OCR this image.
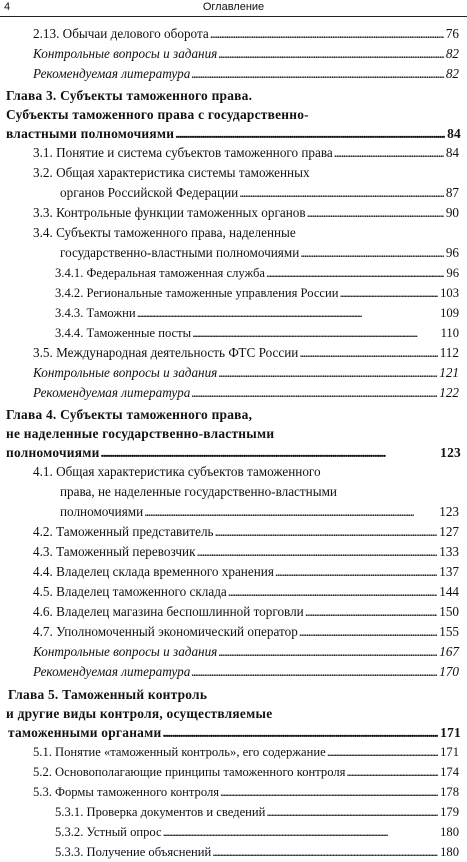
4	Оглавление
2.13. Обычаи делового оборота . . .	76
Контрольные вопросы и задания . . .	82
Рекомендуемая литература . . .	82
Глава 3. Субъекты таможенного права.
Субъекты таможенного права с государственно-
властными полномочиями . . .	84
3.1. Понятие и система субъектов таможенного права . . .	84
3.2. Общая характеристика системы таможенных
органов Российской Федерации . . .	87
3.3. Контрольные функции таможенных органов . . .	90
3.4. Субъекты таможенного права, наделенные
государственно-властными полномочиями . . .	96
3.4.1. Федеральная таможенная служба . . .	96
3.4.2. Региональные таможенные управления России . . .	103
3.4.3. Таможни . . .	109
3.4.4. Таможенные посты . . .	110
3.5. Международная деятельность ФТС России . . .	112
Контрольные вопросы и задания . . .	121
Рекомендуемая литература . . .	122
Глава 4. Субъекты таможенного права,
не наделенные государственно-властными
полномочиями . . .	123
4.1. Общая характеристика субъектов таможенного
права, не наделенные государственно-властными
полномочиями . . .	123
4.2. Таможенный представитель . . .	127
4.3. Таможенный перевозчик . . .	133
4.4. Владелец склада временного хранения . . .	137
4.5. Владелец таможенного склада . . .	144
4.6. Владелец магазина беспошлинной торговли . . .	150
4.7. Уполномоченный экономический оператор . . .	155
Контрольные вопросы и задания . . .	167
Рекомендуемая литература . . .	170
Глава 5. Таможенный контроль
и другие виды контроля, осуществляемые
таможенными органами . . .	171
5.1. Понятие «таможенный контроль», его содержание . . .	171
5.2. Основополагающие принципы таможенного контроля . . .	174
5.3. Формы таможенного контроля . . .	178
5.3.1. Проверка документов и сведений . . .	179
5.3.2. Устный опрос . . .	180
5.3.3. Получение объяснений . . .	180
